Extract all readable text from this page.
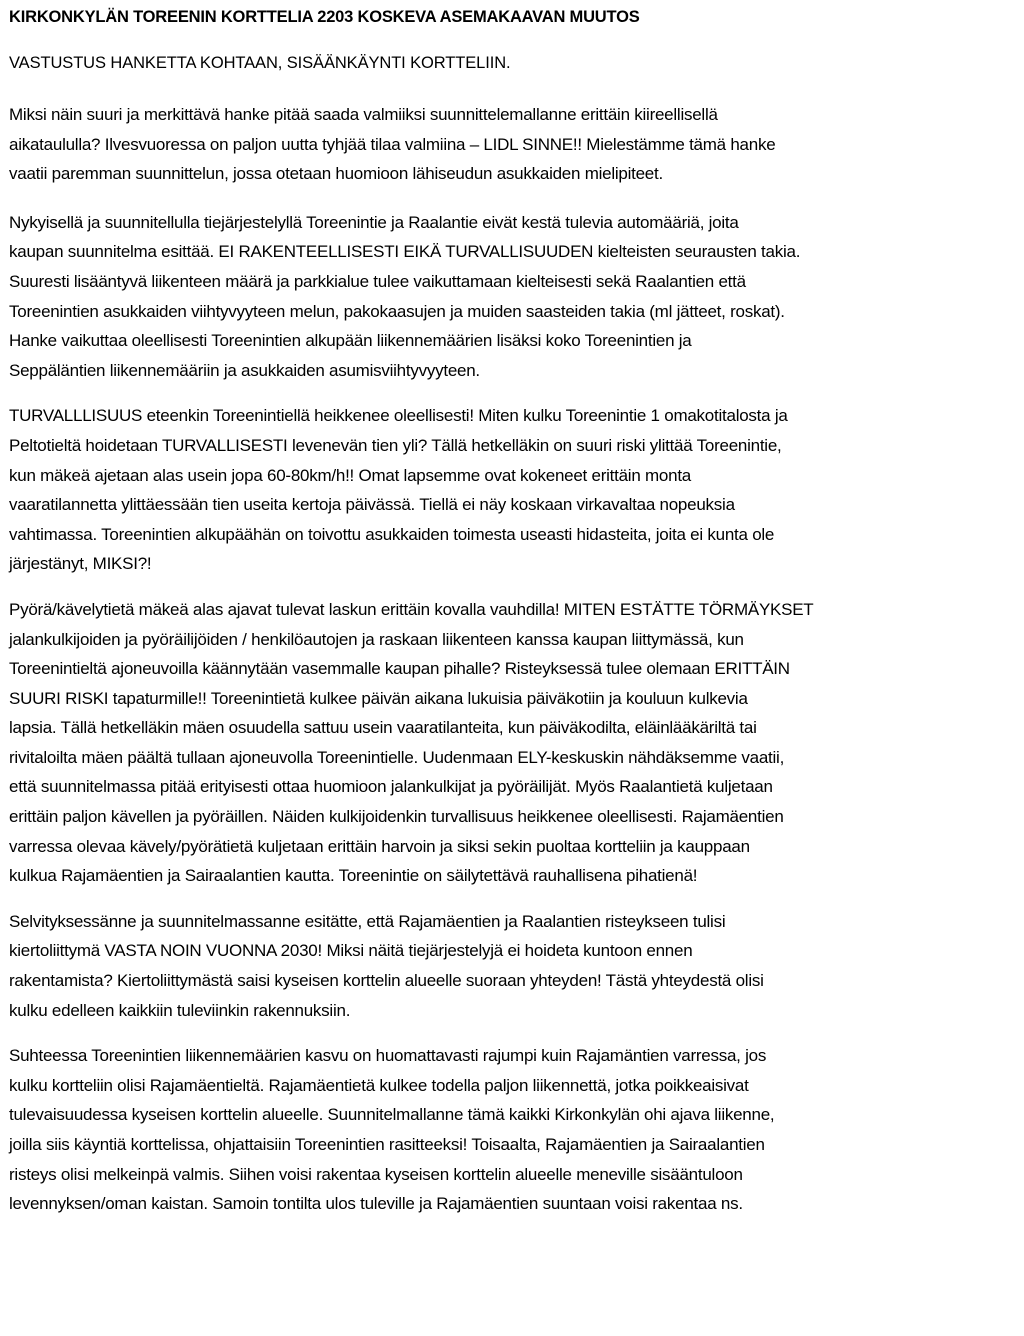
KIRKONKYLÄN TOREENIN KORTTELIA 2203 KOSKEVA ASEMAKAAVAN MUUTOS
VASTUSTUS HANKETTA KOHTAAN, SISÄÄNKÄYNTI KORTTELIIN.

Miksi näin suuri ja merkittävä hanke pitää saada valmiiksi suunnittelemallanne erittäin kiireellisellä
aikataululla? Ilvesvuoressa on paljon uutta tyhjää tilaa valmiina – LIDL SINNE!! Mielestämme tämä hanke
vaatii paremman suunnittelun, jossa otetaan huomioon lähiseudun asukkaiden mielipiteet.

Nykyisellä ja suunnitellulla tiejärjestelyllä Toreenintie ja Raalantie eivät kestä tulevia automääriä, joita
kaupan suunnitelma esittää. EI RAKENTEELLISESTI EIKÄ TURVALLISUUDEN kielteisten seurausten takia.
Suuresti lisääntyvä liikenteen määrä ja parkkialue tulee vaikuttamaan kielteisesti sekä Raalantien että
Toreenintien asukkaiden viihtyvyyteen melun, pakokaasujen ja muiden saasteiden takia (ml jätteet, roskat).
Hanke vaikuttaa oleellisesti Toreenintien alkupään liikennemäärien lisäksi koko Toreenintien ja
Seppäläntien liikennemääriin ja asukkaiden asumisviihtyvyyteen.

TURVALLLISUUS eteenkin Toreenintiellä heikkenee oleellisesti! Miten kulku Toreenintie 1 omakotitalosta ja
Peltotieltä hoidetaan TURVALLISESTI levenevän tien yli? Tällä hetkelläkin on suuri riski ylittää Toreenintie,
kun mäkeä ajetaan alas usein jopa 60-80km/h!! Omat lapsemme ovat kokeneet erittäin monta
vaaratilannetta ylittäessään tien useita kertoja päivässä. Tiellä ei näy koskaan virkavaltaa nopeuksia
vahtimassa. Toreenintien alkupäähän on toivottu asukkaiden toimesta useasti hidasteita, joita ei kunta ole
järjestänyt, MIKSI?!

Pyörä/kävelytietä mäkeä alas ajavat tulevat laskun erittäin kovalla vauhdilla! MITEN ESTÄTTE TÖRMÄYKSET
jalankulkijoiden ja pyöräilijöiden / henkilöautojen ja raskaan liikenteen kanssa kaupan liittymässä, kun
Toreenintieltä ajoneuvoilla käännytään vasemmalle kaupan pihalle? Risteyksessä tulee olemaan ERITTÄIN
SUURI RISKI tapaturmille!! Toreenintietä kulkee päivän aikana lukuisia päiväkotiin ja kouluun kulkevia
lapsia. Tällä hetkelläkin mäen osuudella sattuu usein vaaratilanteita, kun päiväkodilta, eläinlääkäriltä tai
rivitaloilta mäen päältä tullaan ajoneuvolla Toreenintielle. Uudenmaan ELY-keskuskin nähdäksemme vaatii,
että suunnitelmassa pitää erityisesti ottaa huomioon jalankulkijat ja pyöräilijät. Myös Raalantietä kuljetaan
erittäin paljon kävellen ja pyöräillen. Näiden kulkijoidenkin turvallisuus heikkenee oleellisesti. Rajamäentien
varressa olevaa kävely/pyörätietä kuljetaan erittäin harvoin ja siksi sekin puoltaa kortteliin ja kauppaan
kulkua Rajamäentien ja Sairaalantien kautta. Toreenintie on säilytettävä rauhallisena pihatienä!

Selvityksessänne ja suunnitelmassanne esitätte, että Rajamäentien ja Raalantien risteykseen tulisi
kiertoliittymä VASTA NOIN VUONNA 2030! Miksi näitä tiejärjestelyjä ei hoideta kuntoon ennen
rakentamista? Kiertoliittymästä saisi kyseisen korttelin alueelle suoraan yhteyden! Tästä yhteydestä olisi
kulku edelleen kaikkiin tuleviinkin rakennuksiin.

Suhteessa Toreenintien liikennemäärien kasvu on huomattavasti rajumpi kuin Rajamäntien varressa, jos
kulku kortteliin olisi Rajamäentieltä. Rajamäentietä kulkee todella paljon liikennettä, jotka poikkeaisivat
tulevaisuudessa kyseisen korttelin alueelle. Suunnitelmallanne tämä kaikki Kirkonkylän ohi ajava liikenne,
joilla siis käyntiä korttelissa, ohjattaisiin Toreenintien rasitteeksi! Toisaalta, Rajamäentien ja Sairaalantien
risteys olisi melkeinpä valmis. Siihen voisi rakentaa kyseisen korttelin alueelle meneville sisääntuloon
levennyksen/oman kaistan. Samoin tontilta ulos tuleville ja Rajamäentien suuntaan voisi rakentaa ns.
